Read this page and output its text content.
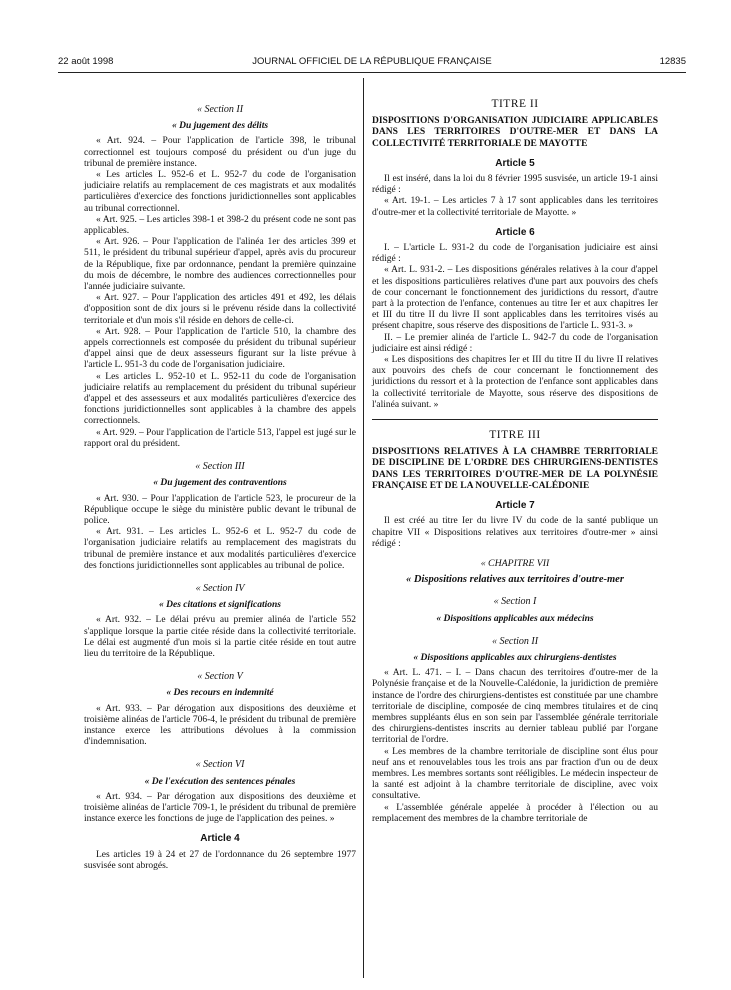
22 août 1998	JOURNAL OFFICIEL DE LA RÉPUBLIQUE FRANÇAISE	12835

« Section II

« Du jugement des délits

« Art. 924. – Pour l'application de l'article 398, le tribunal correctionnel est toujours composé du président ou d'un juge du tribunal de première instance.

« Les articles L. 952-6 et L. 952-7 du code de l'organisation judiciaire relatifs au remplacement de ces magistrats et aux modalités particulières d'exercice des fonctions juridictionnelles sont applicables au tribunal correctionnel.

« Art. 925. – Les articles 398-1 et 398-2 du présent code ne sont pas applicables.

« Art. 926. – Pour l'application de l'alinéa 1er des articles 399 et 511, le président du tribunal supérieur d'appel, après avis du procureur de la République, fixe par ordonnance, pendant la première quinzaine du mois de décembre, le nombre des audiences correctionnelles pour l'année judiciaire suivante.

« Art. 927. – Pour l'application des articles 491 et 492, les délais d'opposition sont de dix jours si le prévenu réside dans la collectivité territoriale et d'un mois s'il réside en dehors de celle-ci.

« Art. 928. – Pour l'application de l'article 510, la chambre des appels correctionnels est composée du président du tribunal supérieur d'appel ainsi que de deux assesseurs figurant sur la liste prévue à l'article L. 951-3 du code de l'organisation judiciaire.

« Les articles L. 952-10 et L. 952-11 du code de l'organisation judiciaire relatifs au remplacement du président du tribunal supérieur d'appel et des assesseurs et aux modalités particulières d'exercice des fonctions juridictionnelles sont applicables à la chambre des appels correctionnels.

« Art. 929. – Pour l'application de l'article 513, l'appel est jugé sur le rapport oral du président.

« Section III

« Du jugement des contraventions

« Art. 930. – Pour l'application de l'article 523, le procureur de la République occupe le siège du ministère public devant le tribunal de police.

« Art. 931. – Les articles L. 952-6 et L. 952-7 du code de l'organisation judiciaire relatifs au remplacement des magistrats du tribunal de première instance et aux modalités particulières d'exercice des fonctions juridictionnelles sont applicables au tribunal de police.

« Section IV

« Des citations et significations

« Art. 932. – Le délai prévu au premier alinéa de l'article 552 s'applique lorsque la partie citée réside dans la collectivité territoriale. Le délai est augmenté d'un mois si la partie citée réside en tout autre lieu du territoire de la République.

« Section V

« Des recours en indemnité

« Art. 933. – Par dérogation aux dispositions des deuxième et troisième alinéas de l'article 706-4, le président du tribunal de première instance exerce les attributions dévolues à la commission d'indemnisation.

« Section VI

« De l'exécution des sentences pénales

« Art. 934. – Par dérogation aux dispositions des deuxième et troisième alinéas de l'article 709-1, le président du tribunal de première instance exerce les fonctions de juge de l'application des peines. »

Article 4

Les articles 19 à 24 et 27 de l'ordonnance du 26 septembre 1977 susvisée sont abrogés.

TITRE II

DISPOSITIONS D'ORGANISATION JUDICIAIRE APPLICABLES DANS LES TERRITOIRES D'OUTRE-MER ET DANS LA COLLECTIVITÉ TERRITORIALE DE MAYOTTE

Article 5

Il est inséré, dans la loi du 8 février 1995 susvisée, un article 19-1 ainsi rédigé :

« Art. 19-1. – Les articles 7 à 17 sont applicables dans les territoires d'outre-mer et la collectivité territoriale de Mayotte. »

Article 6

I. – L'article L. 931-2 du code de l'organisation judiciaire est ainsi rédigé :

« Art. L. 931-2. – Les dispositions générales relatives à la cour d'appel et les dispositions particulières relatives d'une part aux pouvoirs des chefs de cour concernant le fonctionnement des juridictions du ressort, d'autre part à la protection de l'enfance, contenues au titre Ier et aux chapitres Ier et III du titre II du livre II sont applicables dans les territoires visés au présent chapitre, sous réserve des dispositions de l'article L. 931-3. »

II. – Le premier alinéa de l'article L. 942-7 du code de l'organisation judiciaire est ainsi rédigé :

« Les dispositions des chapitres Ier et III du titre II du livre II relatives aux pouvoirs des chefs de cour concernant le fonctionnement des juridictions du ressort et à la protection de l'enfance sont applicables dans la collectivité territoriale de Mayotte, sous réserve des dispositions de l'alinéa suivant. »

TITRE III

DISPOSITIONS RELATIVES À LA CHAMBRE TERRITORIALE DE DISCIPLINE DE L'ORDRE DES CHIRURGIENS-DENTISTES DANS LES TERRITOIRES D'OUTRE-MER DE LA POLYNÉSIE FRANÇAISE ET DE LA NOUVELLE-CALÉDONIE

Article 7

Il est créé au titre Ier du livre IV du code de la santé publique un chapitre VII « Dispositions relatives aux territoires d'outre-mer » ainsi rédigé :

« CHAPITRE VII

« Dispositions relatives aux territoires d'outre-mer

« Section I

« Dispositions applicables aux médecins

« Section II

« Dispositions applicables aux chirurgiens-dentistes

« Art. L. 471. – I. – Dans chacun des territoires d'outre-mer de la Polynésie française et de la Nouvelle-Calédonie, la juridiction de première instance de l'ordre des chirurgiens-dentistes est constituée par une chambre territoriale de discipline, composée de cinq membres titulaires et de cinq membres suppléants élus en son sein par l'assemblée générale territoriale des chirurgiens-dentistes inscrits au dernier tableau publié par l'organe territorial de l'ordre.

« Les membres de la chambre territoriale de discipline sont élus pour neuf ans et renouvelables tous les trois ans par fraction d'un ou de deux membres. Les membres sortants sont rééligibles. Le médecin inspecteur de la santé est adjoint à la chambre territoriale de discipline, avec voix consultative.

« L'assemblée générale appelée à procéder à l'élection ou au remplacement des membres de la chambre territoriale de
